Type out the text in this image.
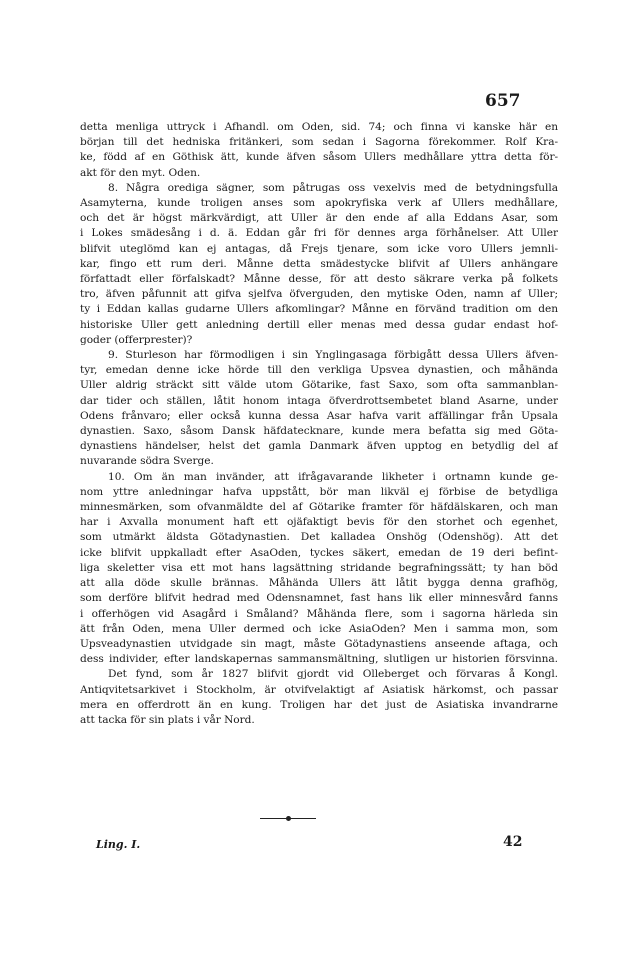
657
detta menliga uttryck i Afhandl. om Oden, sid. 74; och finna vi kanske här en
början till det hedniska fritänkeri, som sedan i Sagorna förekommer. Rolf Kra-
ke, född af en Göthisk ätt, kunde äfven såsom Ullers medhållare yttra detta för-
akt för den myt. Oden.
8. Några orediga sägner, som påtrugas oss vexelvis med de betydningsfulla
Asamyterna, kunde troligen anses som apokryfiska verk af Ullers medhållare,
och det är högst märkvärdigt, att Uller är den ende af alla Eddans Asar, som
i Lokes smädesång i d. ä. Eddan går fri för dennes arga förhånelser. Att Uller
blifvit uteglömd kan ej antagas, då Frejs tjenare, som icke voro Ullers jemnli-
kar, fingo ett rum deri. Månne detta smädestycke blifvit af Ullers anhängare
författadt eller förfalskadt? Månne desse, för att desto säkrare verka på folkets
tro, äfven påfunnit att gifva sjelfva öfverguden, den mytiske Oden, namn af Uller;
ty i Eddan kallas gudarne Ullers afkomlingar? Månne en förvänd tradition om den
historiske Uller gett anledning dertill eller menas med dessa gudar endast hof-
goder (offerprester)?
9. Sturleson har förmodligen i sin Ynglingasaga förbigått dessa Ullers äfven-
tyr, emedan denne icke hörde till den verkliga Upsvea dynastien, och måhända
Uller aldrig sträckt sitt välde utom Götarike, fast Saxo, som ofta sammanblan-
dar tider och ställen, låtit honom intaga öfverdrottsembetet bland Asarne, under
Odens frånvaro; eller också kunna dessa Asar hafva varit affällingar från Upsala
dynastien. Saxo, såsom Dansk häfdatecknare, kunde mera befatta sig med Göta-
dynastiens händelser, helst det gamla Danmark äfven upptog en betydlig del af
nuvarande södra Sverge.
10. Om än man invänder, att ifrågavarande likheter i ortnamn kunde ge-
nom yttre anledningar hafva uppstått, bör man likväl ej förbise de betydliga
minnesmärken, som ofvanmäldte del af Götarike framter för häfdälskaren, och man
har i Axvalla monument haft ett ojäfaktigt bevis för den storhet och egenhet,
som utmärkt äldsta Götadynastien. Det kalladea Onshög (Odenshög). Att det
icke blifvit uppkalladt efter AsaOden, tyckes säkert, emedan de 19 deri befint-
liga skeletter visa ett mot hans lagsättning stridande begrafningssätt; ty han böd
att alla döde skulle brännas. Måhända Ullers ätt låtit bygga denna grafhög,
som derföre blifvit hedrad med Odensnamnet, fast hans lik eller minnesvård fanns
i offerhögen vid Asagård i Småland? Måhända flere, som i sagorna härleda sin
ätt från Oden, mena Uller dermed och icke AsiaOden? Men i samma mon, som
Upsveadynastien utvidgade sin magt, måste Götadynastiens anseende aftaga, och
dess individer, efter landskapernas sammansmältning, slutligen ur historien försvinna.
Det fynd, som år 1827 blifvit gjordt vid Olleberget och förvaras å Kongl.
Antiqvitetsarkivet i Stockholm, är otvifvelaktigt af Asiatisk härkomst, och passar
mera en offerdrott än en kung. Troligen har det just de Asiatiska invandrarne
att tacka för sin plats i vår Nord.
Ling. I.	42
